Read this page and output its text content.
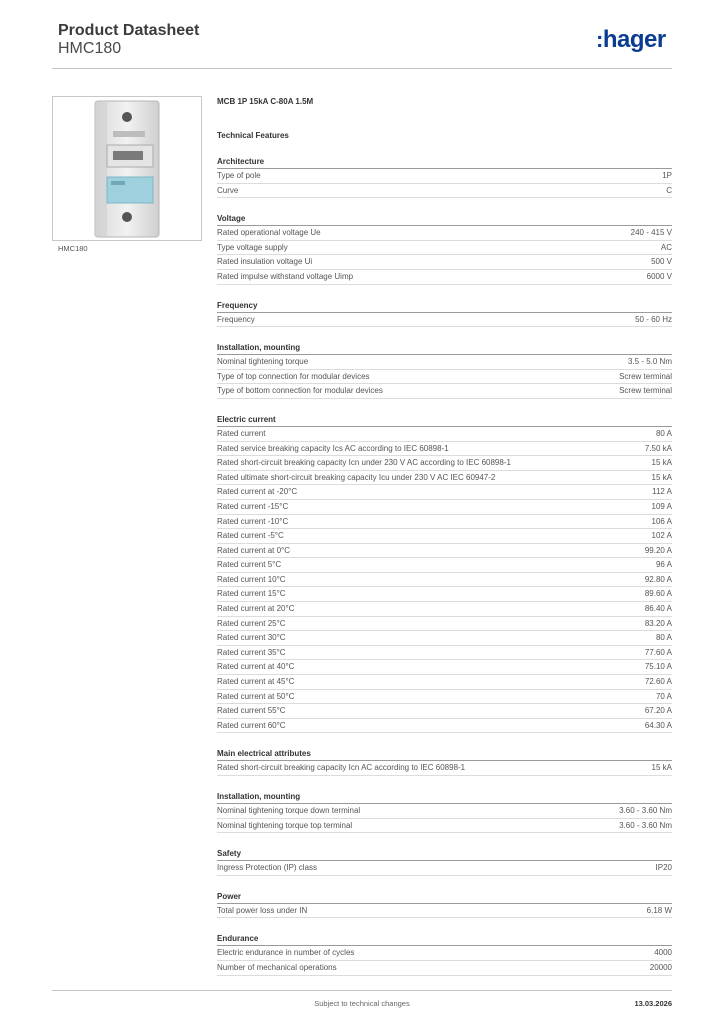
Product Datasheet
HMC180	:hager
HMC180
MCB 1P 15kA C-80A 1.5M
Technical Features
Architecture
Type of pole	1P
Curve	C
Voltage
Rated operational voltage Ue	240 - 415 V
Type voltage supply	AC
Rated insulation voltage Ui	500 V
Rated impulse withstand voltage Uimp	6000 V
Frequency
Frequency	50 - 60 Hz
Installation, mounting
Nominal tightening torque	3.5 - 5.0 Nm
Type of top connection for modular devices	Screw terminal
Type of bottom connection for modular devices	Screw terminal
Electric current
Rated current	80 A
Rated service breaking capacity Ics AC according to IEC 60898-1	7.50 kA
Rated short-circuit breaking capacity Icn under 230 V AC according to IEC 60898-1	15 kA
Rated ultimate short-circuit breaking capacity Icu under 230 V AC IEC 60947-2	15 kA
Rated current at -20°C	112 A
Rated current -15°C	109 A
Rated current -10°C	106 A
Rated current -5°C	102 A
Rated current at 0°C	99.20 A
Rated current 5°C	96 A
Rated current 10°C	92.80 A
Rated current 15°C	89.60 A
Rated current at 20°C	86.40 A
Rated current 25°C	83.20 A
Rated current 30°C	80 A
Rated current 35°C	77.60 A
Rated current at 40°C	75.10 A
Rated current at 45°C	72.60 A
Rated current at 50°C	70 A
Rated current 55°C	67.20 A
Rated current 60°C	64.30 A
Main electrical attributes
Rated short-circuit breaking capacity Icn AC according to IEC 60898-1	15 kA
Installation, mounting
Nominal tightening torque down terminal	3.60 - 3.60 Nm
Nominal tightening torque top terminal	3.60 - 3.60 Nm
Safety
Ingress Protection (IP) class	IP20
Power
Total power loss under IN	6.18 W
Endurance
Electric endurance in number of cycles	4000
Number of mechanical operations	20000
Subject to technical changes	13.03.2026
